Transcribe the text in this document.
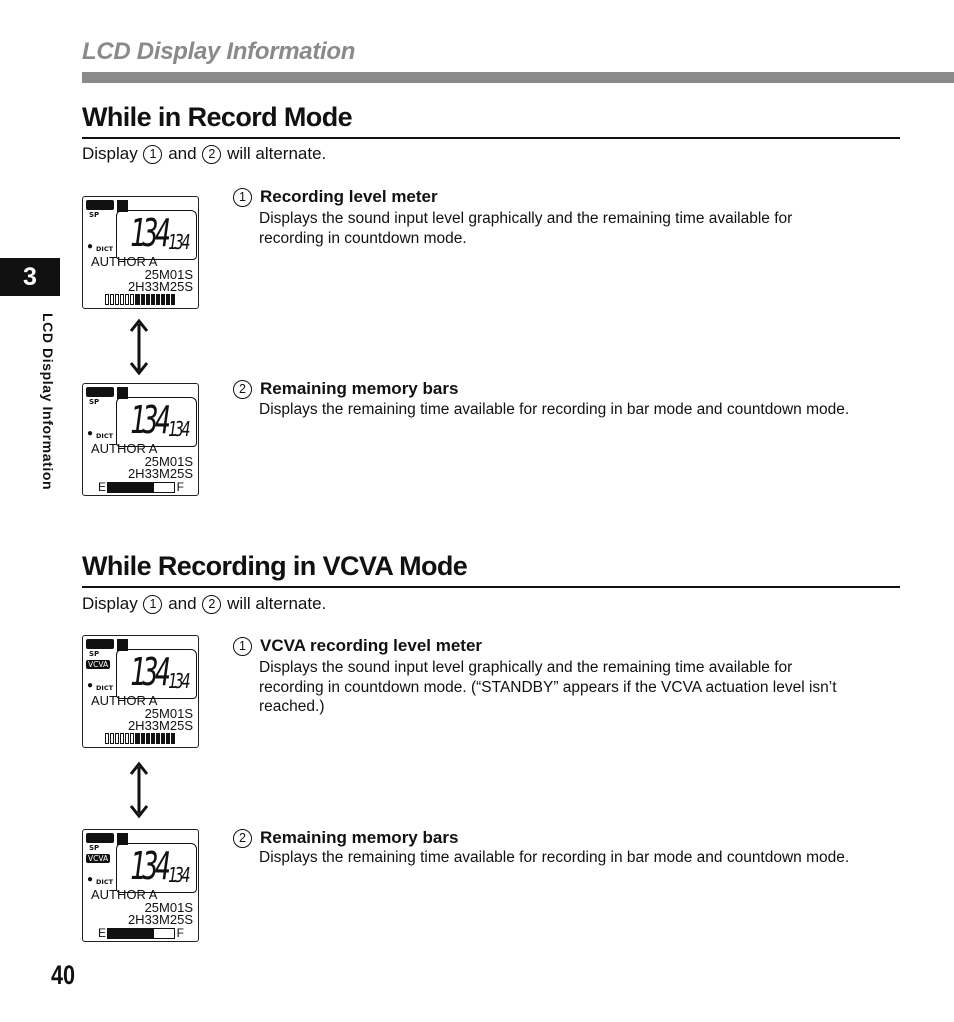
LCD Display Information
3
LCD Display Information
While in Record Mode
Display 1 and 2 will alternate.
1 Recording level meter
Displays the sound input level graphically and the remaining time available for recording in countdown mode.
2 Remaining memory bars
Displays the remaining time available for recording in bar mode and countdown mode.
While Recording in VCVA Mode
Display 1 and 2 will alternate.
1 VCVA recording level meter
Displays the sound input level graphically and the remaining time available for recording in countdown mode. (“STANDBY” appears if the VCVA actuation level isn’t reached.)
2 Remaining memory bars
Displays the remaining time available for recording in bar mode and countdown mode.
SP
● DICT 134 134
AUTHOR A
25M01S
2H33M25S
SP
● DICT 134 134
AUTHOR A
25M01S
2H33M25S
E	F
SP
VCVA
● DICT 134 134
AUTHOR A
25M01S
2H33M25S
SP
VCVA
● DICT 134 134
AUTHOR A
25M01S
2H33M25S
E	F
40
